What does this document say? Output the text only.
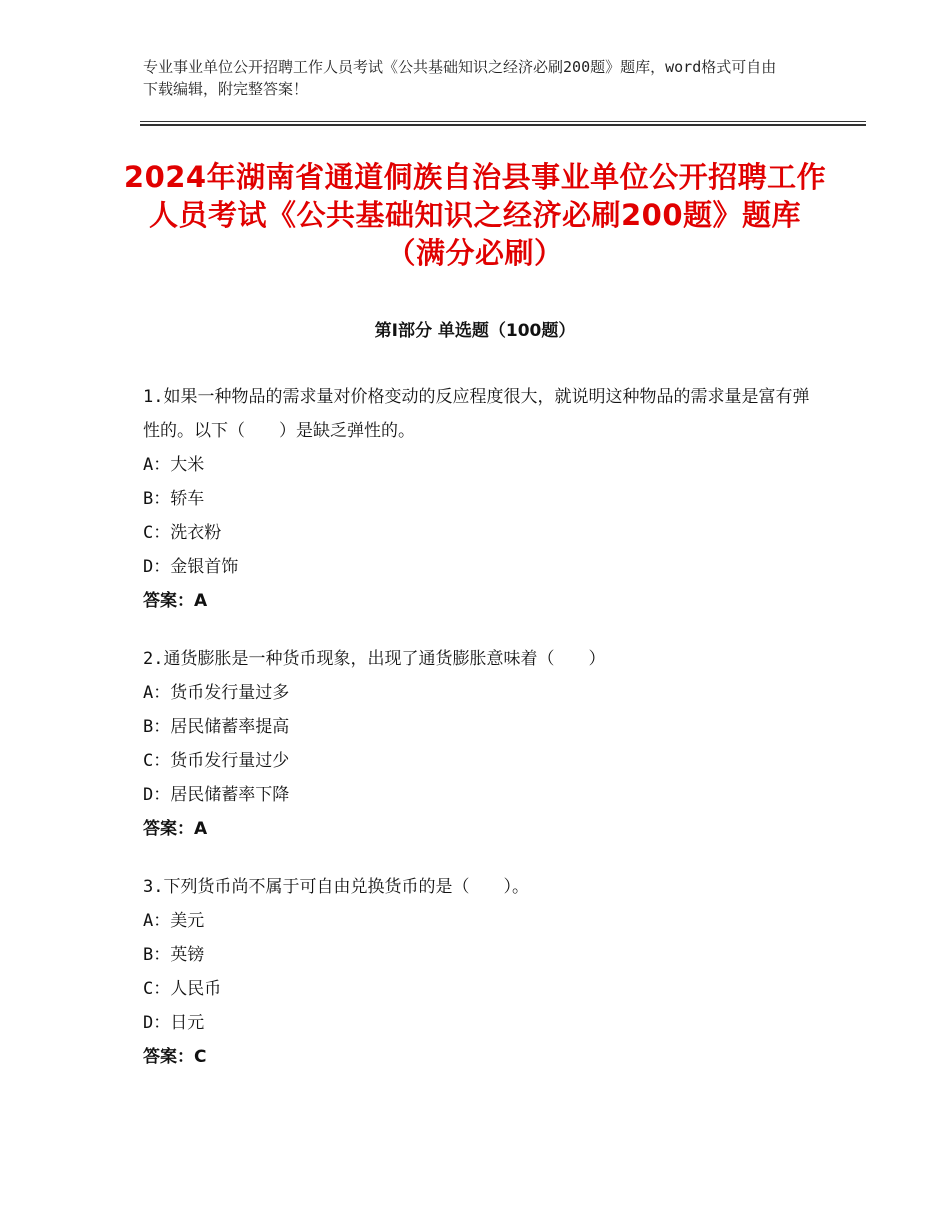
专业事业单位公开招聘工作人员考试《公共基础知识之经济必刷200题》题库，word格式可自由下载编辑，附完整答案！
2024年湖南省通道侗族自治县事业单位公开招聘工作人员考试《公共基础知识之经济必刷200题》题库（满分必刷）
第Ⅰ部分 单选题（100题）
1.如果一种物品的需求量对价格变动的反应程度很大，就说明这种物品的需求量是富有弹性的。以下（　　）是缺乏弹性的。
A：大米
B：轿车
C：洗衣粉
D：金银首饰
答案：A
2.通货膨胀是一种货币现象，出现了通货膨胀意味着（　　）
A：货币发行量过多
B：居民储蓄率提高
C：货币发行量过少
D：居民储蓄率下降
答案：A
3.下列货币尚不属于可自由兑换货币的是（　　）。
A：美元
B：英镑
C：人民币
D：日元
答案：C
